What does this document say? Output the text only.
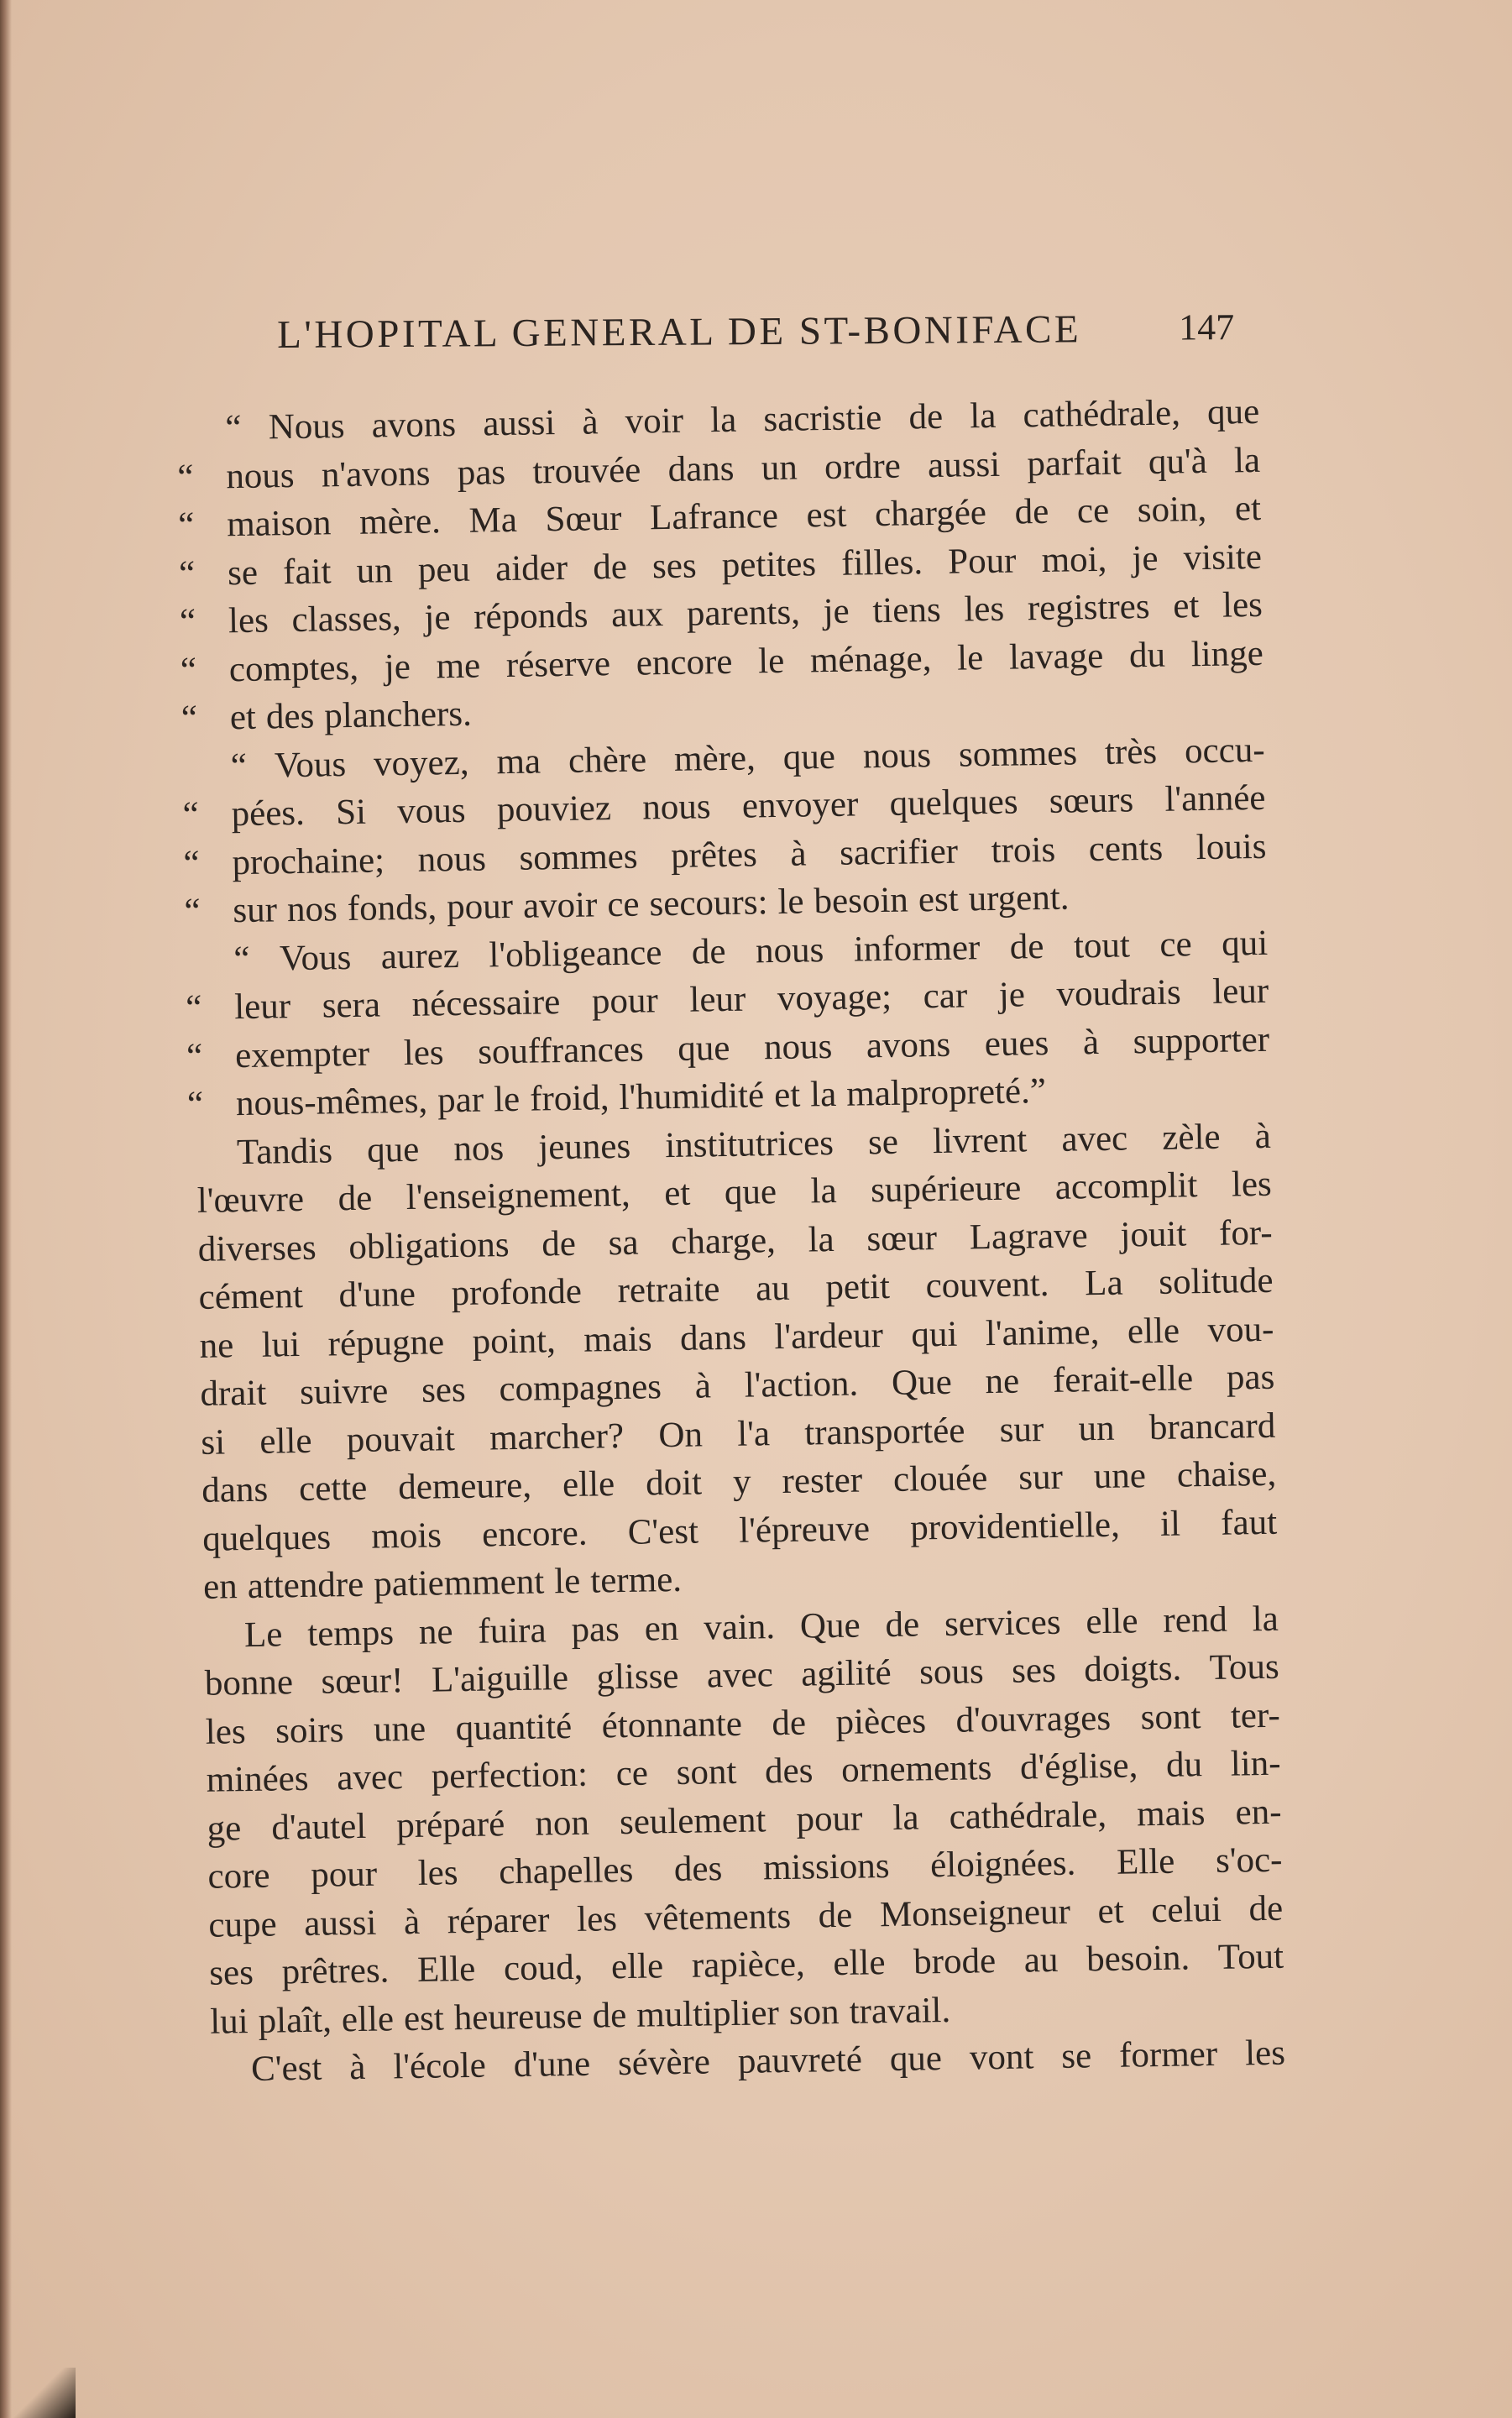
L'HOPITAL GENERAL DE ST-BONIFACE	147
“ Nous avons aussi à voir la sacristie de la cathédrale, que
“ nous n'avons pas trouvée dans un ordre aussi parfait qu'à la
“ maison mère. Ma Sœur Lafrance est chargée de ce soin, et
“ se fait un peu aider de ses petites filles. Pour moi, je visite
“ les classes, je réponds aux parents, je tiens les registres et les
“ comptes, je me réserve encore le ménage, le lavage du linge
“ et des planchers.
“ Vous voyez, ma chère mère, que nous sommes très occu-
“ pées. Si vous pouviez nous envoyer quelques sœurs l'année
“ prochaine; nous sommes prêtes à sacrifier trois cents louis
“ sur nos fonds, pour avoir ce secours: le besoin est urgent.
“ Vous aurez l'obligeance de nous informer de tout ce qui
“ leur sera nécessaire pour leur voyage; car je voudrais leur
“ exempter les souffrances que nous avons eues à supporter
“ nous-mêmes, par le froid, l'humidité et la malpropreté.”
Tandis que nos jeunes institutrices se livrent avec zèle à
l'œuvre de l'enseignement, et que la supérieure accomplit les
diverses obligations de sa charge, la sœur Lagrave jouit for-
cément d'une profonde retraite au petit couvent. La solitude
ne lui répugne point, mais dans l'ardeur qui l'anime, elle vou-
drait suivre ses compagnes à l'action. Que ne ferait-elle pas
si elle pouvait marcher? On l'a transportée sur un brancard
dans cette demeure, elle doit y rester clouée sur une chaise,
quelques mois encore. C'est l'épreuve providentielle, il faut
en attendre patiemment le terme.
Le temps ne fuira pas en vain. Que de services elle rend la
bonne sœur! L'aiguille glisse avec agilité sous ses doigts. Tous
les soirs une quantité étonnante de pièces d'ouvrages sont ter-
minées avec perfection: ce sont des ornements d'église, du lin-
ge d'autel préparé non seulement pour la cathédrale, mais en-
core pour les chapelles des missions éloignées. Elle s'oc-
cupe aussi à réparer les vêtements de Monseigneur et celui de
ses prêtres. Elle coud, elle rapièce, elle brode au besoin. Tout
lui plaît, elle est heureuse de multiplier son travail.
C'est à l'école d'une sévère pauvreté que vont se former les
